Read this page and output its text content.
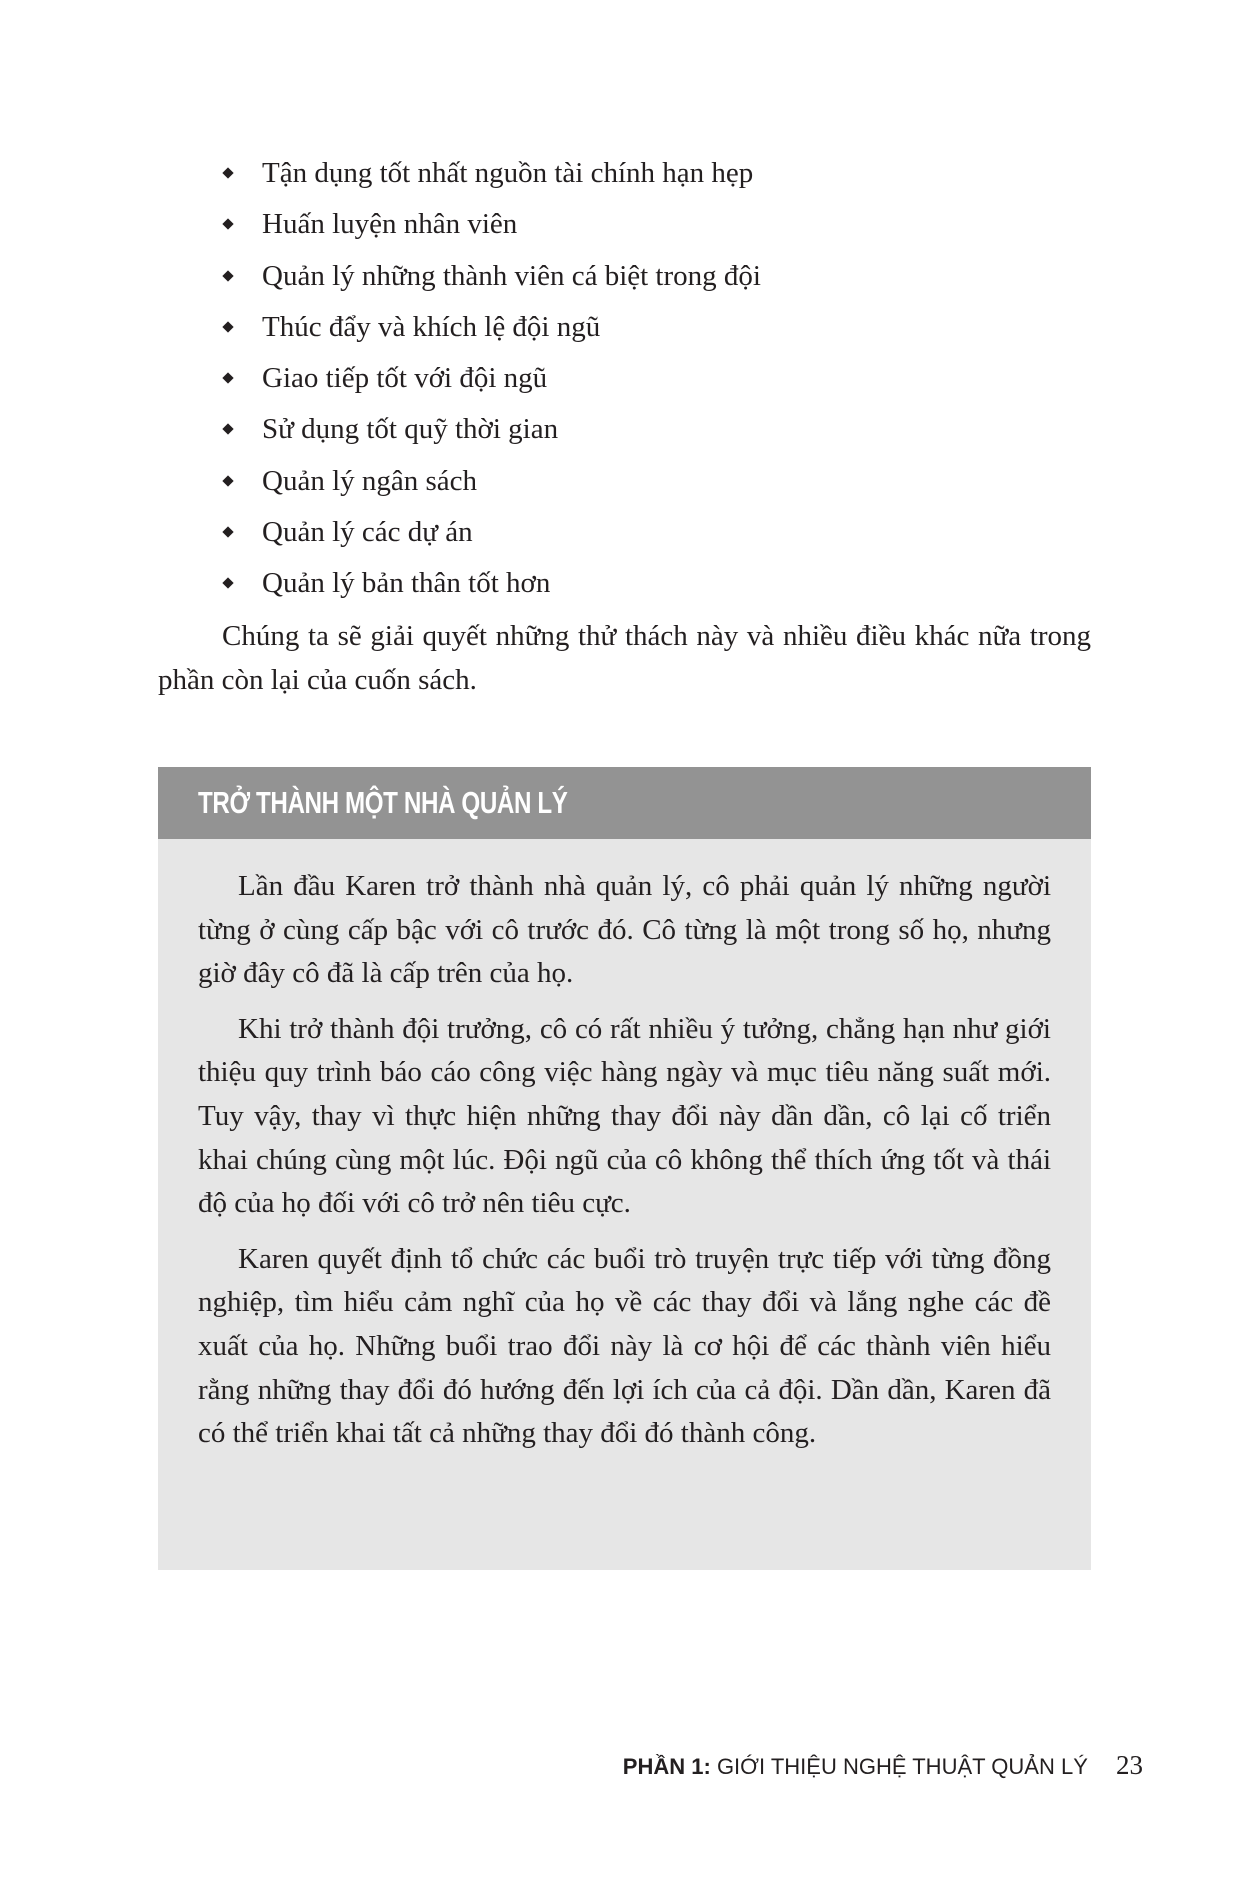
Tận dụng tốt nhất nguồn tài chính hạn hẹp
Huấn luyện nhân viên
Quản lý những thành viên cá biệt trong đội
Thúc đẩy và khích lệ đội ngũ
Giao tiếp tốt với đội ngũ
Sử dụng tốt quỹ thời gian
Quản lý ngân sách
Quản lý các dự án
Quản lý bản thân tốt hơn

Chúng ta sẽ giải quyết những thử thách này và nhiều điều khác nữa trong phần còn lại của cuốn sách.

TRỞ THÀNH MỘT NHÀ QUẢN LÝ

Lần đầu Karen trở thành nhà quản lý, cô phải quản lý những người từng ở cùng cấp bậc với cô trước đó. Cô từng là một trong số họ, nhưng giờ đây cô đã là cấp trên của họ.

Khi trở thành đội trưởng, cô có rất nhiều ý tưởng, chẳng hạn như giới thiệu quy trình báo cáo công việc hàng ngày và mục tiêu năng suất mới. Tuy vậy, thay vì thực hiện những thay đổi này dần dần, cô lại cố triển khai chúng cùng một lúc. Đội ngũ của cô không thể thích ứng tốt và thái độ của họ đối với cô trở nên tiêu cực.

Karen quyết định tổ chức các buổi trò truyện trực tiếp với từng đồng nghiệp, tìm hiểu cảm nghĩ của họ về các thay đổi và lắng nghe các đề xuất của họ. Những buổi trao đổi này là cơ hội để các thành viên hiểu rằng những thay đổi đó hướng đến lợi ích của cả đội. Dần dần, Karen đã có thể triển khai tất cả những thay đổi đó thành công.

PHẦN 1: GIỚI THIỆU NGHỆ THUẬT QUẢN LÝ 23
